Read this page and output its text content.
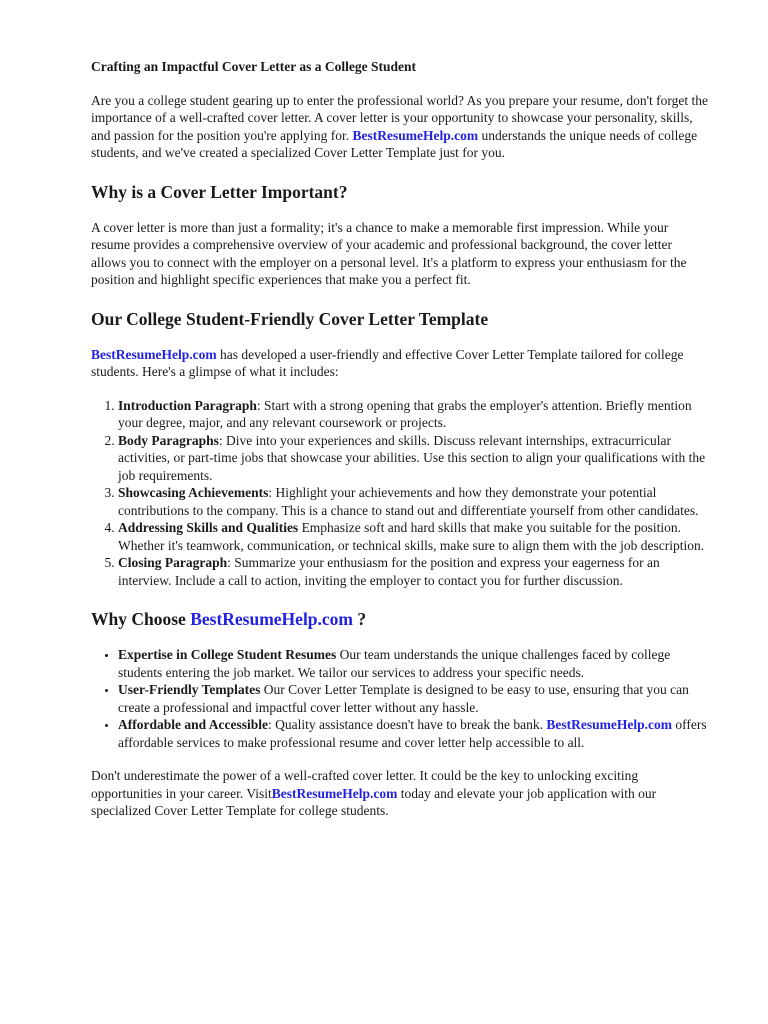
Crafting an Impactful Cover Letter as a College Student

Are you a college student gearing up to enter the professional world? As you prepare your resume, don't forget the importance of a well-crafted cover letter. A cover letter is your opportunity to showcase your personality, skills, and passion for the position you're applying for. BestResumeHelp.com understands the unique needs of college students, and we've created a specialized Cover Letter Template just for you.

Why is a Cover Letter Important?

A cover letter is more than just a formality; it's a chance to make a memorable first impression. While your resume provides a comprehensive overview of your academic and professional background, the cover letter allows you to connect with the employer on a personal level. It's a platform to express your enthusiasm for the position and highlight specific experiences that make you a perfect fit.

Our College Student-Friendly Cover Letter Template

BestResumeHelp.com has developed a user-friendly and effective Cover Letter Template tailored for college students. Here's a glimpse of what it includes:

1. Introduction Paragraph: Start with a strong opening that grabs the employer's attention. Briefly mention your degree, major, and any relevant coursework or projects.
2. Body Paragraphs: Dive into your experiences and skills. Discuss relevant internships, extracurricular activities, or part-time jobs that showcase your abilities. Use this section to align your qualifications with the job requirements.
3. Showcasing Achievements: Highlight your achievements and how they demonstrate your potential contributions to the company. This is a chance to stand out and differentiate yourself from other candidates.
4. Addressing Skills and Qualities Emphasize soft and hard skills that make you suitable for the position. Whether it's teamwork, communication, or technical skills, make sure to align them with the job description.
5. Closing Paragraph: Summarize your enthusiasm for the position and express your eagerness for an interview. Include a call to action, inviting the employer to contact you for further discussion.
Why Choose BestResumeHelp.com ?
• Expertise in College Student Resumes Our team understands the unique challenges faced by college students entering the job market. We tailor our services to address your specific needs.
• User-Friendly Templates Our Cover Letter Template is designed to be easy to use, ensuring that you can create a professional and impactful cover letter without any hassle.
• Affordable and Accessible: Quality assistance doesn't have to break the bank. BestResumeHelp.com offers affordable services to make professional resume and cover letter help accessible to all.

Don't underestimate the power of a well-crafted cover letter. It could be the key to unlocking exciting opportunities in your career. VisitBestResumeHelp.com today and elevate your job application with our specialized Cover Letter Template for college students.
